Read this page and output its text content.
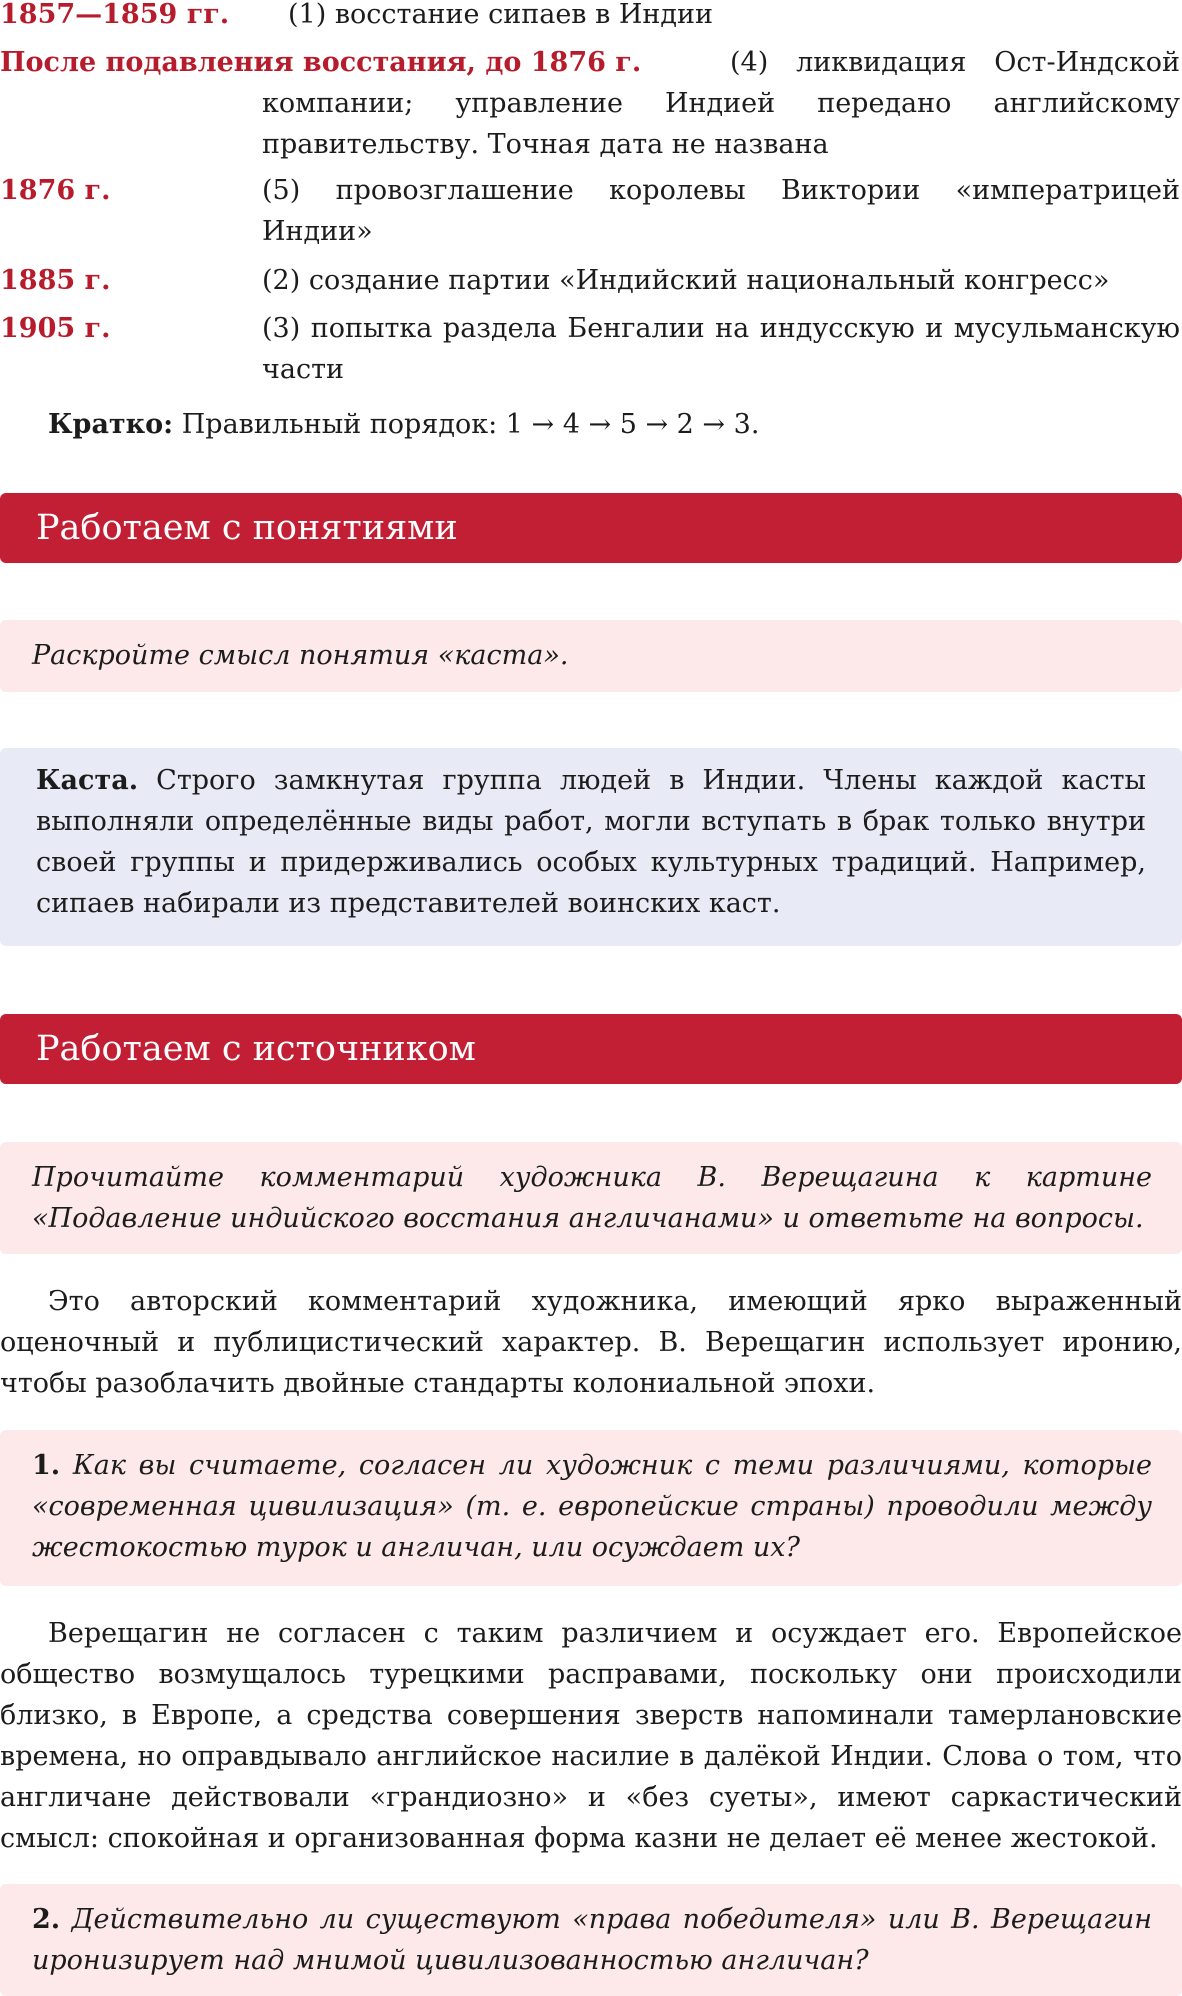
1857—1859 гг. (1) восстание сипаев в Индии
После подавления восстания, до 1876 г.	(4) ликвидация Ост-Индской компании; управление Индией передано английскому правительству. Точная дата не названа
1876 г.	(5) провозглашение королевы Виктории «императрицей Индии»
1885 г.	(2) создание партии «Индийский национальный конгресс»
1905 г.	(3) попытка раздела Бенгалии на индусскую и мусульманскую части
Кратко: Правильный порядок: 1 → 4 → 5 → 2 → 3.
Работаем с понятиями
Раскройте смысл понятия «каста».
Каста. Строго замкнутая группа людей в Индии. Члены каждой касты выполняли определённые виды работ, могли вступать в брак только внутри своей группы и придерживались особых культурных традиций. Например, сипаев набирали из представителей воинских каст.
Работаем с источником
Прочитайте комментарий художника В. Верещагина к картине «Подавление индийского восстания англичанами» и ответьте на вопросы.
Это авторский комментарий художника, имеющий ярко выраженный оценочный и публицистический характер. В. Верещагин использует иронию, чтобы разоблачить двойные стандарты колониальной эпохи.
1. Как вы считаете, согласен ли художник с теми различиями, которые «современная цивилизация» (т. е. европейские страны) проводили между жестокостью турок и англичан, или осуждает их?
Верещагин не согласен с таким различием и осуждает его. Европейское общество возмущалось турецкими расправами, поскольку они происходили близко, в Европе, а средства совершения зверств напоминали тамерлановские времена, но оправдывало английское насилие в далёкой Индии. Слова о том, что англичане действовали «грандиозно» и «без суеты», имеют саркастический смысл: спокойная и организованная форма казни не делает её менее жестокой.
2. Действительно ли существуют «права победителя» или В. Верещагин иронизирует над мнимой цивилизованностью англичан?
